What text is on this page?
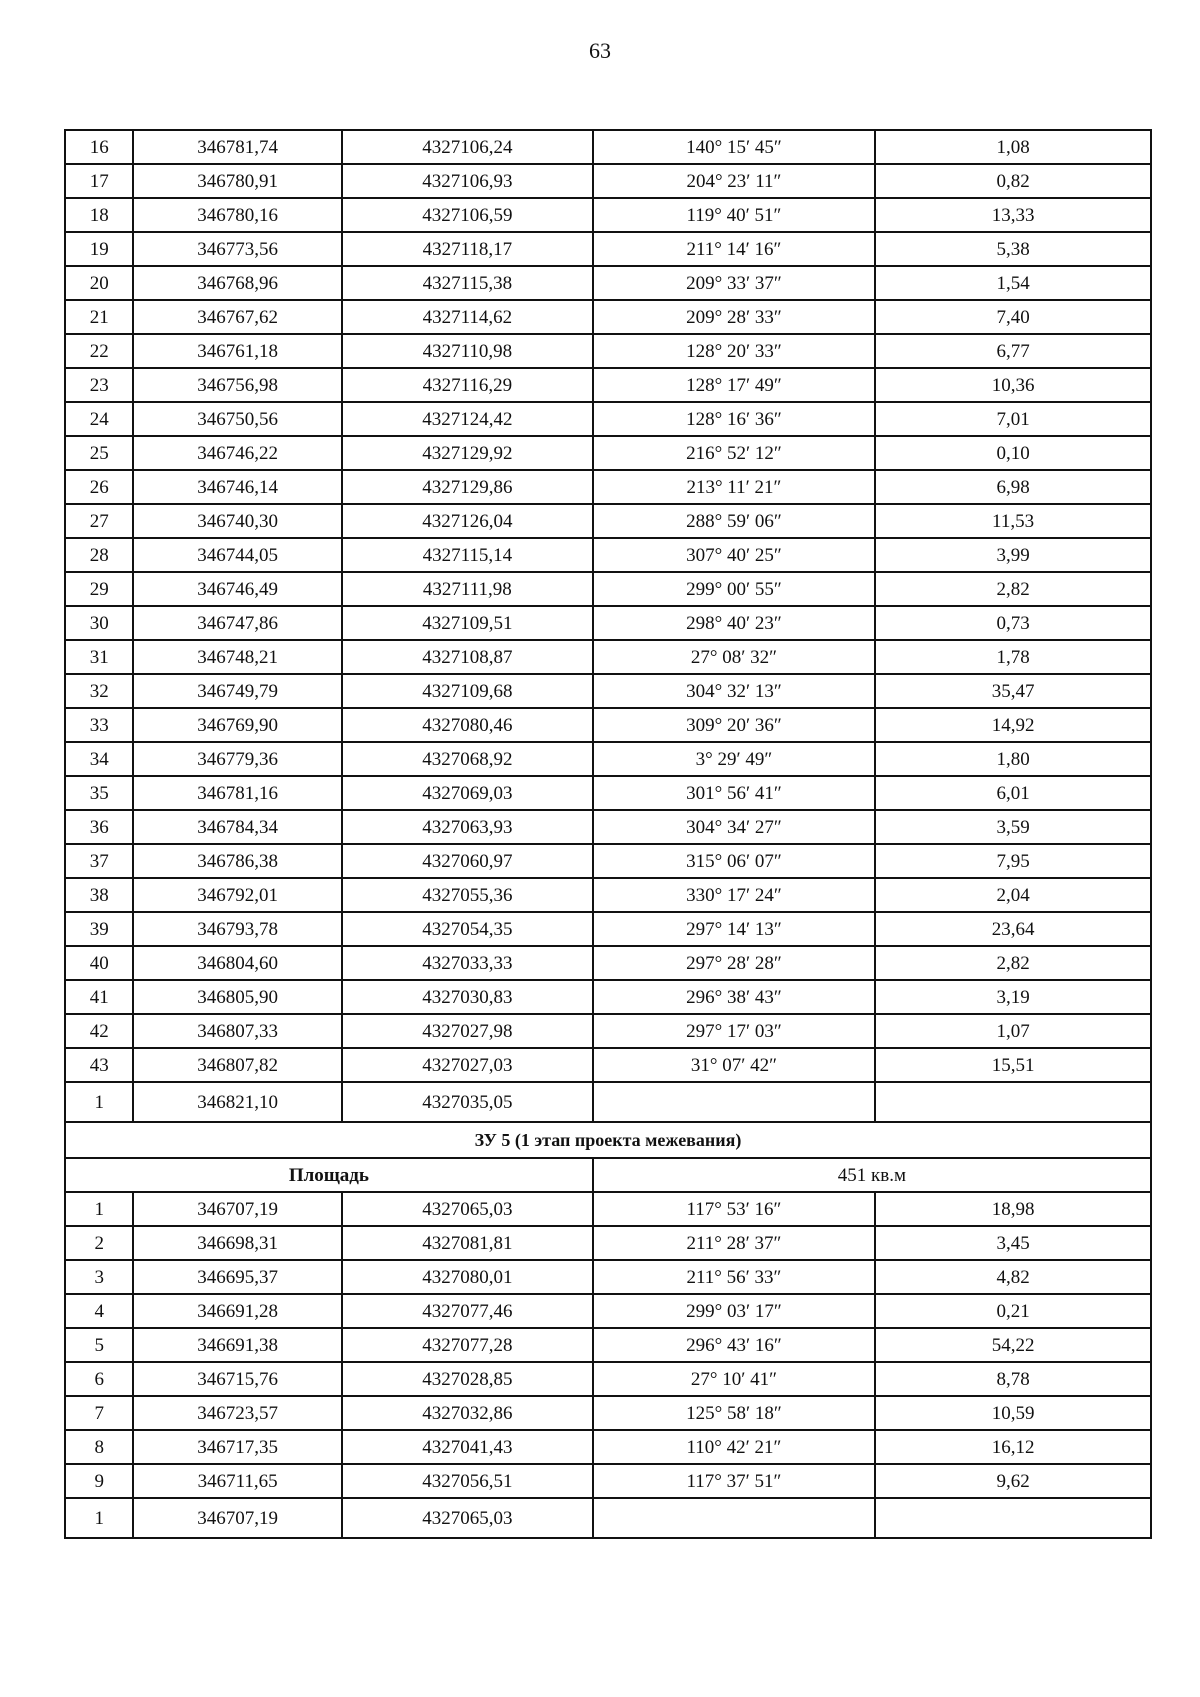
63
16	346781,74	4327106,24	140° 15′ 45″	1,08
17	346780,91	4327106,93	204° 23′ 11″	0,82
18	346780,16	4327106,59	119° 40′ 51″	13,33
19	346773,56	4327118,17	211° 14′ 16″	5,38
20	346768,96	4327115,38	209° 33′ 37″	1,54
21	346767,62	4327114,62	209° 28′ 33″	7,40
22	346761,18	4327110,98	128° 20′ 33″	6,77
23	346756,98	4327116,29	128° 17′ 49″	10,36
24	346750,56	4327124,42	128° 16′ 36″	7,01
25	346746,22	4327129,92	216° 52′ 12″	0,10
26	346746,14	4327129,86	213° 11′ 21″	6,98
27	346740,30	4327126,04	288° 59′ 06″	11,53
28	346744,05	4327115,14	307° 40′ 25″	3,99
29	346746,49	4327111,98	299° 00′ 55″	2,82
30	346747,86	4327109,51	298° 40′ 23″	0,73
31	346748,21	4327108,87	27° 08′ 32″	1,78
32	346749,79	4327109,68	304° 32′ 13″	35,47
33	346769,90	4327080,46	309° 20′ 36″	14,92
34	346779,36	4327068,92	3° 29′ 49″	1,80
35	346781,16	4327069,03	301° 56′ 41″	6,01
36	346784,34	4327063,93	304° 34′ 27″	3,59
37	346786,38	4327060,97	315° 06′ 07″	7,95
38	346792,01	4327055,36	330° 17′ 24″	2,04
39	346793,78	4327054,35	297° 14′ 13″	23,64
40	346804,60	4327033,33	297° 28′ 28″	2,82
41	346805,90	4327030,83	296° 38′ 43″	3,19
42	346807,33	4327027,98	297° 17′ 03″	1,07
43	346807,82	4327027,03	31° 07′ 42″	15,51
1	346821,10	4327035,05		
ЗУ 5 (1 этап проекта межевания)				
Площадь			451 кв.м	
1	346707,19	4327065,03	117° 53′ 16″	18,98
2	346698,31	4327081,81	211° 28′ 37″	3,45
3	346695,37	4327080,01	211° 56′ 33″	4,82
4	346691,28	4327077,46	299° 03′ 17″	0,21
5	346691,38	4327077,28	296° 43′ 16″	54,22
6	346715,76	4327028,85	27° 10′ 41″	8,78
7	346723,57	4327032,86	125° 58′ 18″	10,59
8	346717,35	4327041,43	110° 42′ 21″	16,12
9	346711,65	4327056,51	117° 37′ 51″	9,62
1	346707,19	4327065,03		
